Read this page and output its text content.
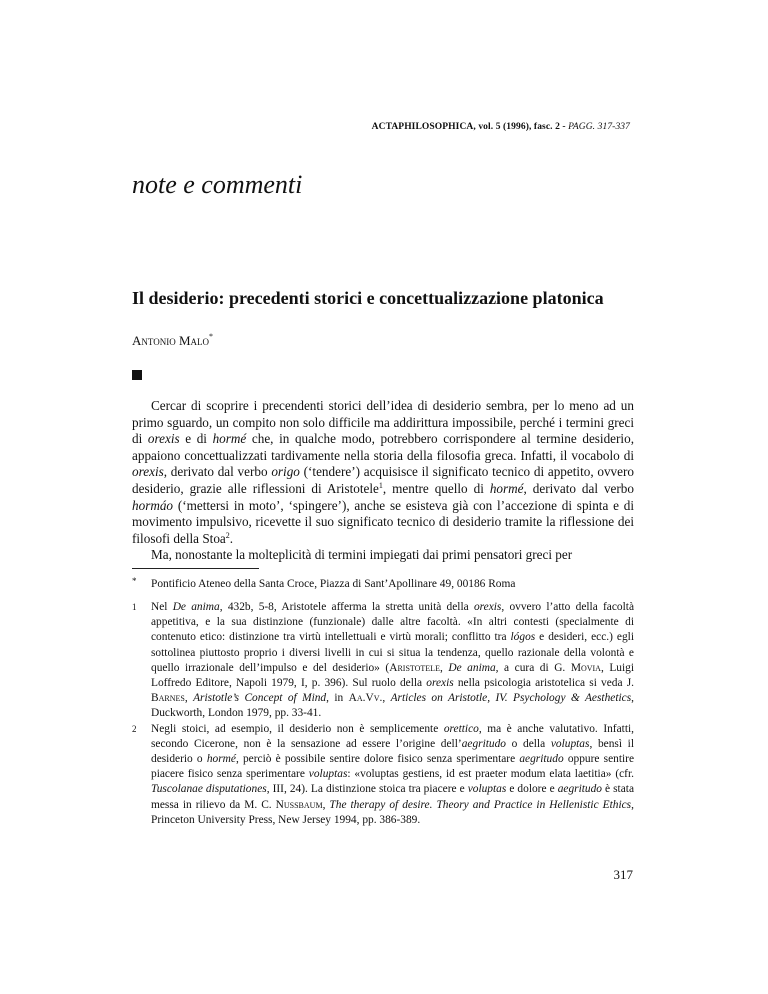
ACTAPHILOSOPHICA, vol. 5 (1996), fasc. 2 - PAGG. 317-337
note e commenti
Il desiderio: precedenti storici e concettualizzazione platonica
Antonio Malo*

Cercar di scoprire i precendenti storici dell’idea di desiderio sembra, per lo meno ad un primo sguardo, un compito non solo difficile ma addirittura impossibile, perché i termini greci di orexis e di hormé che, in qualche modo, potrebbero corrispondere al termine desiderio, appaiono concettualizzati tardivamente nella storia della filosofia greca. Infatti, il vocabolo di orexis, derivato dal verbo origo (‘tendere’) acquisisce il significato tecnico di appetito, ovvero desiderio, grazie alle riflessioni di Aristotele$^1$, mentre quello di hormé, derivato dal verbo hormáo (‘mettersi in moto’, ‘spingere’), anche se esisteva già con l’accezione di spinta e di movimento impulsivo, ricevette il suo significato tecnico di desiderio tramite la riflessione dei filosofi della Stoa$^2$.

Ma, nonostante la molteplicità di termini impiegati dai primi pensatori greci per

* Pontificio Ateneo della Santa Croce, Piazza di Sant’Apollinare 49, 00186 Roma

1 Nel De anima, 432b, 5-8, Aristotele afferma la stretta unità della orexis, ovvero l’atto della facoltà appetitiva, e la sua distinzione (funzionale) dalle altre facoltà. «In altri contesti (specialmente di contenuto etico: distinzione tra virtù intellettuali e virtù morali; conflitto tra lógos e desideri, ecc.) egli sottolinea piuttosto proprio i diversi livelli in cui si situa la tendenza, quello razionale della volontà e quello irrazionale dell’impulso e del desiderio» (Aristotele, De anima, a cura di G. Movia, Luigi Loffredo Editore, Napoli 1979, I, p. 396). Sul ruolo della orexis nella psicologia aristotelica si veda J. Barnes, Aristotle’s Concept of Mind, in Aa.Vv., Articles on Aristotle, IV. Psychology & Aesthetics, Duckworth, London 1979, pp. 33-41.

2 Negli stoici, ad esempio, il desiderio non è semplicemente orettico, ma è anche valutativo. Infatti, secondo Cicerone, non è la sensazione ad essere l’origine dell’aegritudo o della voluptas, bensì il desiderio o hormé, perciò è possibile sentire dolore fisico senza sperimentare aegritudo oppure sentire piacere fisico senza sperimentare voluptas: «voluptas gestiens, id est praeter modum elata laetitia» (cfr. Tuscolanae disputationes, III, 24). La distinzione stoica tra piacere e voluptas e dolore e aegritudo è stata messa in rilievo da M. C. Nussbaum, The therapy of desire. Theory and Practice in Hellenistic Ethics, Princeton University Press, New Jersey 1994, pp. 386-389.

317
